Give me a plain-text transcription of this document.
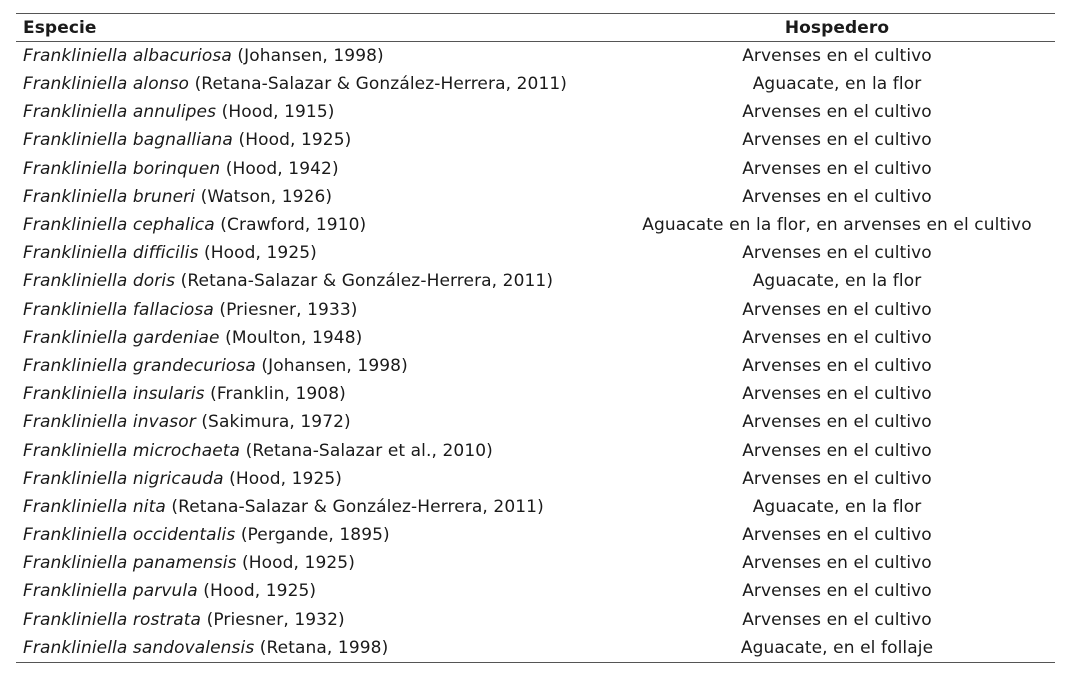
Especie	Hospedero
Frankliniella albacuriosa (Johansen, 1998)	Arvenses en el cultivo
Frankliniella alonso (Retana-Salazar & González-Herrera, 2011)	Aguacate, en la flor
Frankliniella annulipes (Hood, 1915)	Arvenses en el cultivo
Frankliniella bagnalliana (Hood, 1925)	Arvenses en el cultivo
Frankliniella borinquen (Hood, 1942)	Arvenses en el cultivo
Frankliniella bruneri (Watson, 1926)	Arvenses en el cultivo
Frankliniella cephalica (Crawford, 1910)	Aguacate en la flor, en arvenses en el cultivo
Frankliniella difficilis (Hood, 1925)	Arvenses en el cultivo
Frankliniella doris (Retana-Salazar & González-Herrera, 2011)	Aguacate, en la flor
Frankliniella fallaciosa (Priesner, 1933)	Arvenses en el cultivo
Frankliniella gardeniae (Moulton, 1948)	Arvenses en el cultivo
Frankliniella grandecuriosa (Johansen, 1998)	Arvenses en el cultivo
Frankliniella insularis (Franklin, 1908)	Arvenses en el cultivo
Frankliniella invasor (Sakimura, 1972)	Arvenses en el cultivo
Frankliniella microchaeta (Retana-Salazar et al., 2010)	Arvenses en el cultivo
Frankliniella nigricauda (Hood, 1925)	Arvenses en el cultivo
Frankliniella nita (Retana-Salazar & González-Herrera, 2011)	Aguacate, en la flor
Frankliniella occidentalis (Pergande, 1895)	Arvenses en el cultivo
Frankliniella panamensis (Hood, 1925)	Arvenses en el cultivo
Frankliniella parvula (Hood, 1925)	Arvenses en el cultivo
Frankliniella rostrata (Priesner, 1932)	Arvenses en el cultivo
Frankliniella sandovalensis (Retana, 1998)	Aguacate, en el follaje
